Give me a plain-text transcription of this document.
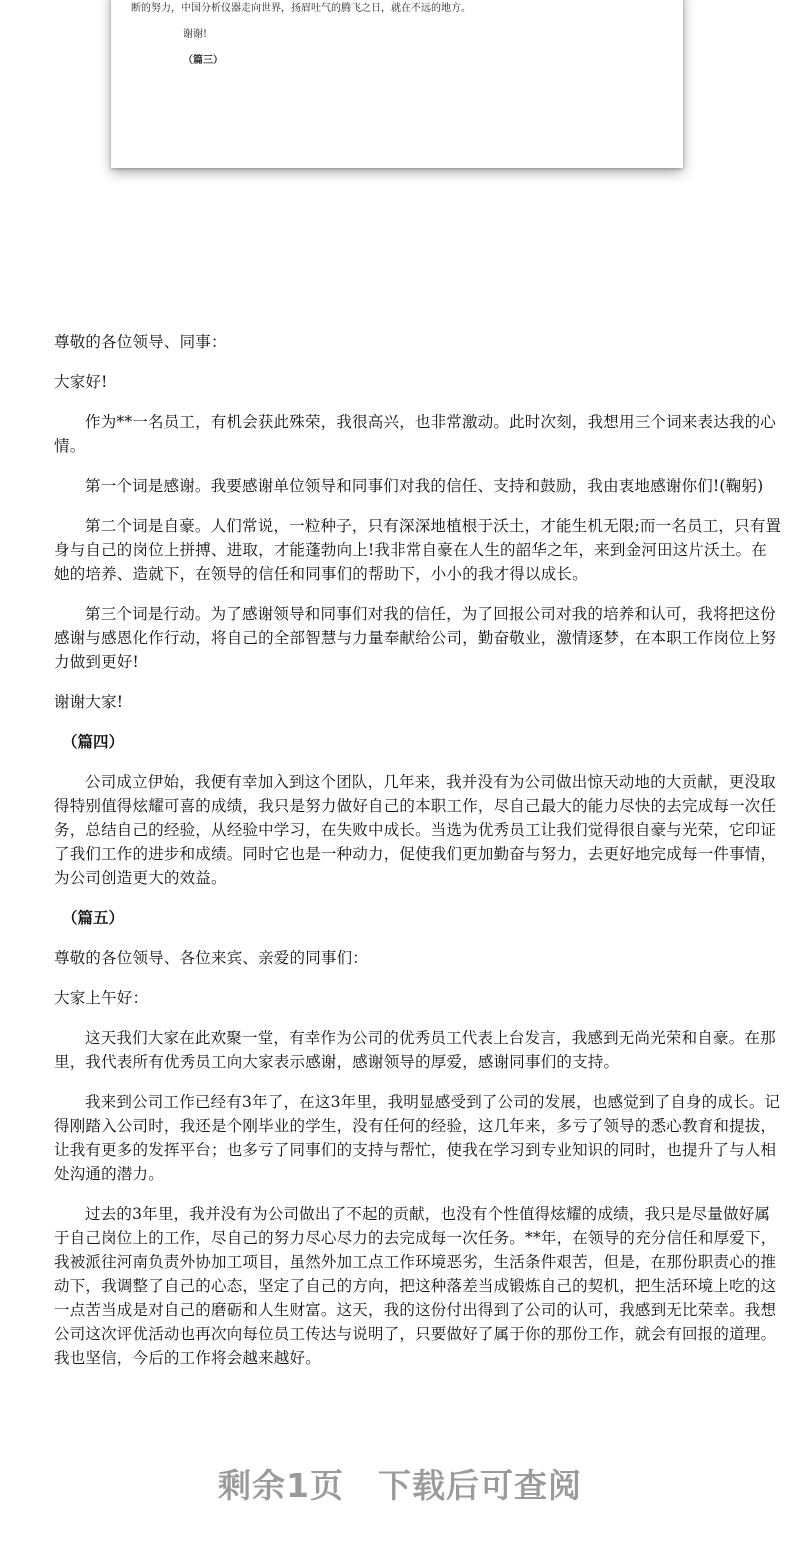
断的努力，中国分析仪器走向世界，扬眉吐气的腾飞之日，就在不远的地方。
谢谢!
（篇三）

尊敬的各位领导、同事：

大家好!

作为**一名员工，有机会获此殊荣，我很高兴，也非常激动。此时次刻，我想用三个词来表达我的心情。

第一个词是感谢。我要感谢单位领导和同事们对我的信任、支持和鼓励，我由衷地感谢你们!(鞠躬)

第二个词是自豪。人们常说，一粒种子，只有深深地植根于沃土，才能生机无限;而一名员工，只有置身与自己的岗位上拼搏、进取，才能蓬勃向上!我非常自豪在人生的韶华之年，来到金河田这片沃土。在她的培养、造就下，在领导的信任和同事们的帮助下，小小的我才得以成长。

第三个词是行动。为了感谢领导和同事们对我的信任，为了回报公司对我的培养和认可，我将把这份感谢与感恩化作行动，将自己的全部智慧与力量奉献给公司，勤奋敬业，激情逐梦，在本职工作岗位上努力做到更好!

谢谢大家!

（篇四）

公司成立伊始，我便有幸加入到这个团队，几年来，我并没有为公司做出惊天动地的大贡献，更没取得特别值得炫耀可喜的成绩，我只是努力做好自己的本职工作，尽自己最大的能力尽快的去完成每一次任务，总结自己的经验，从经验中学习，在失败中成长。当选为优秀员工让我们觉得很自豪与光荣，它印证了我们工作的进步和成绩。同时它也是一种动力，促使我们更加勤奋与努力，去更好地完成每一件事情，为公司创造更大的效益。

（篇五）

尊敬的各位领导、各位来宾、亲爱的同事们：

大家上午好：

这天我们大家在此欢聚一堂，有幸作为公司的优秀员工代表上台发言，我感到无尚光荣和自豪。在那里，我代表所有优秀员工向大家表示感谢，感谢领导的厚爱，感谢同事们的支持。

我来到公司工作已经有3年了，在这3年里，我明显感受到了公司的发展，也感觉到了自身的成长。记得刚踏入公司时，我还是个刚毕业的学生，没有任何的经验，这几年来，多亏了领导的悉心教育和提拔，让我有更多的发挥平台；也多亏了同事们的支持与帮忙，使我在学习到专业知识的同时，也提升了与人相处沟通的潜力。

过去的3年里，我并没有为公司做出了不起的贡献，也没有个性值得炫耀的成绩，我只是尽量做好属于自己岗位上的工作，尽自己的努力尽心尽力的去完成每一次任务。**年，在领导的充分信任和厚爱下，我被派往河南负责外协加工项目，虽然外加工点工作环境恶劣，生活条件艰苦，但是，在那份职责心的推动下，我调整了自己的心态，坚定了自己的方向，把这种落差当成锻炼自己的契机，把生活环境上吃的这一点苦当成是对自己的磨砺和人生财富。这天，我的这份付出得到了公司的认可，我感到无比荣幸。我想公司这次评优活动也再次向每位员工传达与说明了，只要做好了属于你的那份工作，就会有回报的道理。我也坚信，今后的工作将会越来越好。

剩余1页　下载后可查阅
